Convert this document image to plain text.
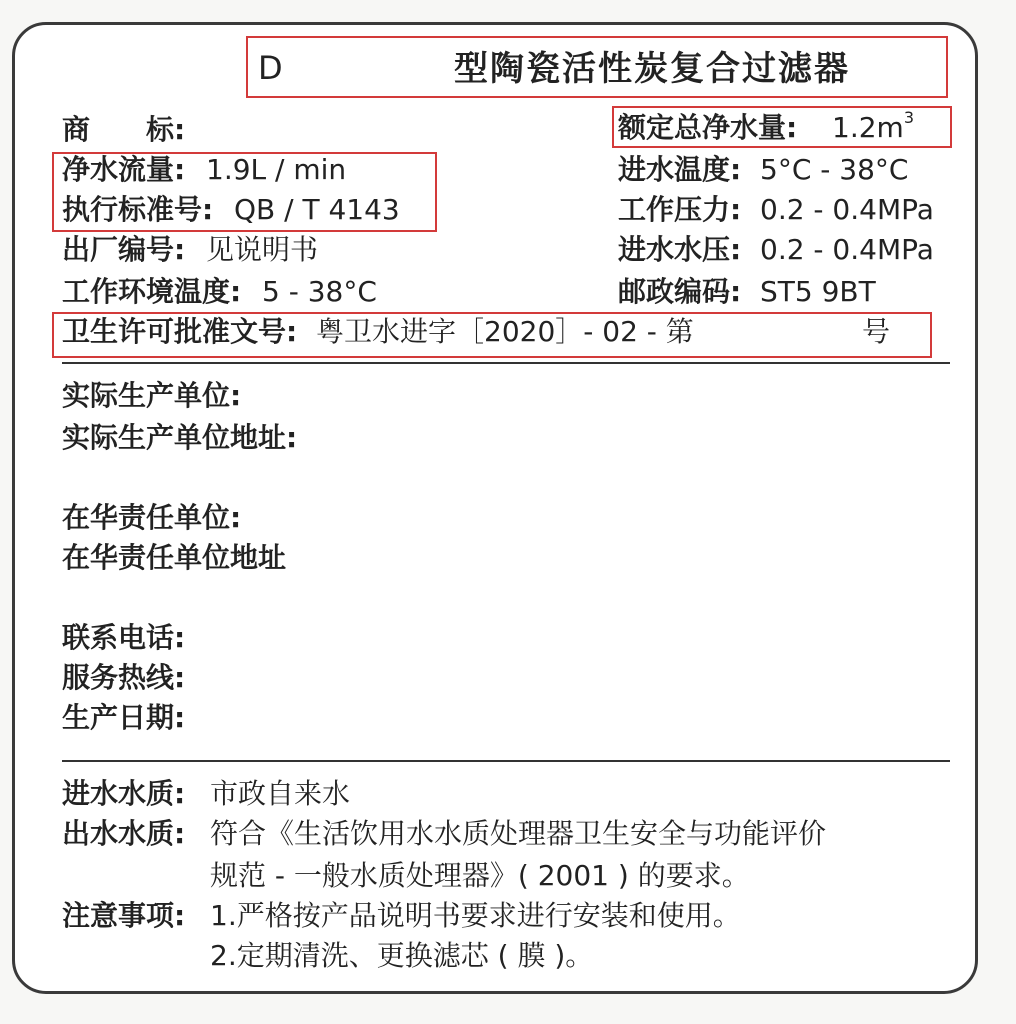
D	型陶瓷活性炭复合过滤器
商　　标:
净水流量: 1.9L / min
执行标准号: QB / T 4143
出厂编号: 见说明书
工作环境温度: 5 - 38°C
卫生许可批准文号: 粤卫水进字［2020］- 02 - 第	号
额定总净水量: $1.2m^3$
进水温度: 5°C - 38°C
工作压力: 0.2 - 0.4MPa
进水水压: 0.2 - 0.4MPa
邮政编码: ST5 9BT
实际生产单位:
实际生产单位地址:
在华责任单位:
在华责任单位地址
联系电话:
服务热线:
生产日期:
进水水质: 市政自来水
出水水质: 符合《生活饮用水水质处理器卫生安全与功能评价
规范 - 一般水质处理器》( 2001 ) 的要求。
注意事项: 1.严格按产品说明书要求进行安装和使用。
2.定期清洗、更换滤芯 ( 膜 )。
